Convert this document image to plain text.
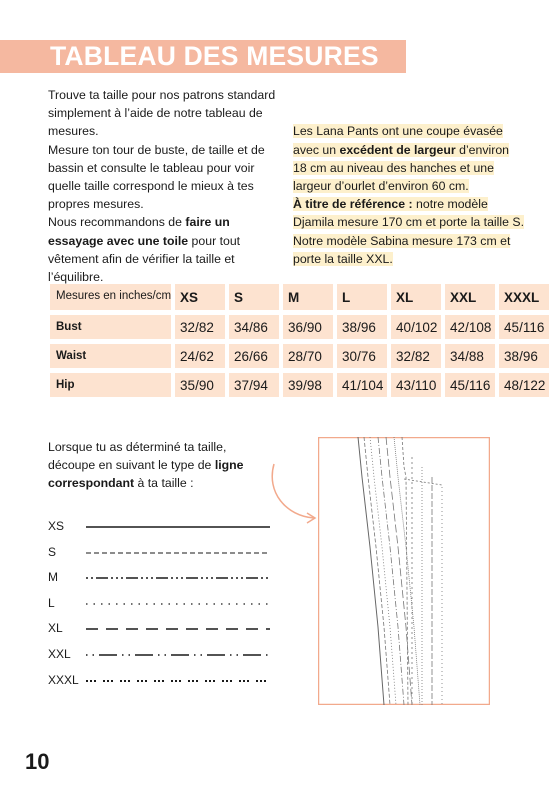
TABLEAU DES MESURES

Trouve ta taille pour nos patrons standard simplement à l’aide de notre tableau de mesures.

Mesure ton tour de buste, de taille et de bassin et consulte le tableau pour voir quelle taille correspond le mieux à tes propres mesures.

Nous recommandons de faire un essayage avec une toile pour tout vêtement afin de vérifier la taille et l’équilibre.

Les Lana Pants ont une coupe évasée avec un excédent de largeur d’environ 18 cm au niveau des hanches et une largeur d’ourlet d’environ 60 cm.

À titre de référence : notre modèle Djamila mesure 170 cm et porte la taille S. Notre modèle Sabina mesure 173 cm et porte la taille XXL.

Mesures en inches/cm	XS	S	M	L	XL	XXL	XXXL
Bust	32/82	34/86	36/90	38/96	40/102	42/108	45/116
Waist	24/62	26/66	28/70	30/76	32/82	34/88	38/96
Hip	35/90	37/94	39/98	41/104	43/110	45/116	48/122

Lorsque tu as déterminé ta taille, découpe en suivant le type de ligne correspondant à ta taille :

XS
S
M
L
XL
XXL
XXXL
10
